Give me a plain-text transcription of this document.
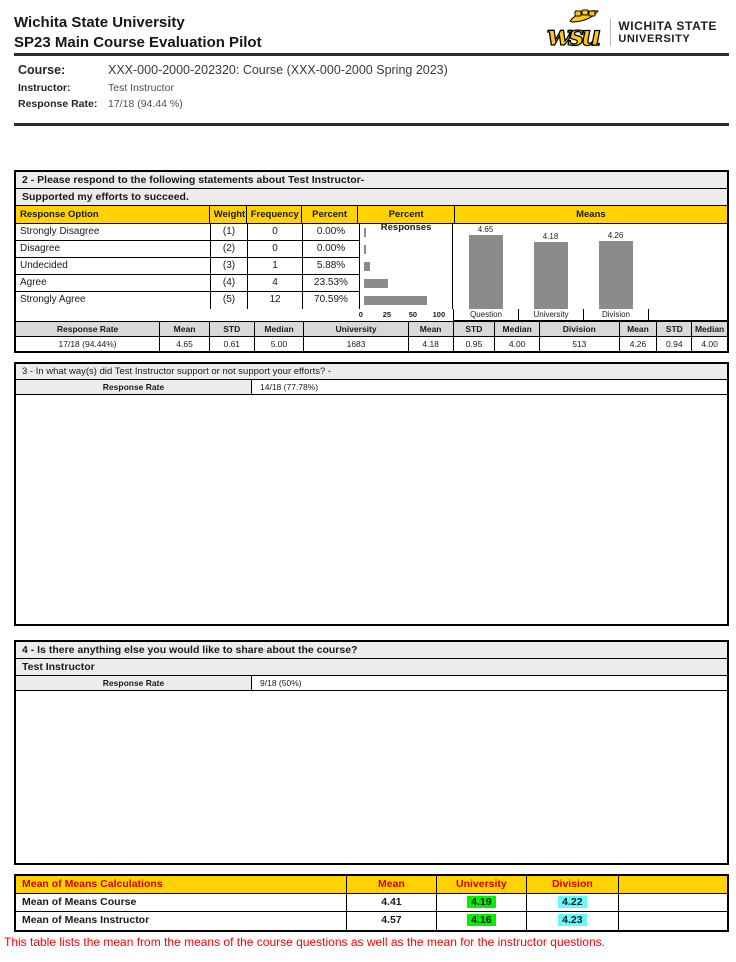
Wichita State University
SP23 Main Course Evaluation Pilot	wsu WICHITA STATE
UNIVERSITY
Course:	XXX-000-2000-202320: Course (XXX-000-2000 Spring 2023)
Instructor:	Test Instructor
Response Rate:	17/18 (94.44 %)
2 - Please respond to the following statements about Test Instructor-
Supported my efforts to succeed.
Response Option	Weight Frequency	Percent	Percent Responses
Means
Strongly Disagree	(1)	0	0.00%
Disagree	(2)	0	0.00%
Undecided	(3)	1	5.88%
Agree	(4)	4	23.53%
Strongly Agree	(5)	12	70.59%
4.65
4.18	4.26
0	25 50 100	Question	University	Division
Response Rate	Mean	STD	Median	University	Mean	STD	Median	Division	Mean	STD	Median
17/18 (94.44%)	4.65	0.61	5.00	1683	4.18	0.95	4.00	513	4.26	0.94	4.00
3 - In what way(s) did Test Instructor support or not support your efforts? -
Response Rate	14/18 (77.78%)
4 - Is there anything else you would like to share about the course?
Test Instructor
Response Rate	9/18 (50%)
Mean of Means Calculations	Mean	University	Division
Mean of Means Course	4.41	4.19	4.22
Mean of Means Instructor	4.57	4.16	4.23
This table lists the mean from the means of the course questions as well as the mean for the instructor questions.
